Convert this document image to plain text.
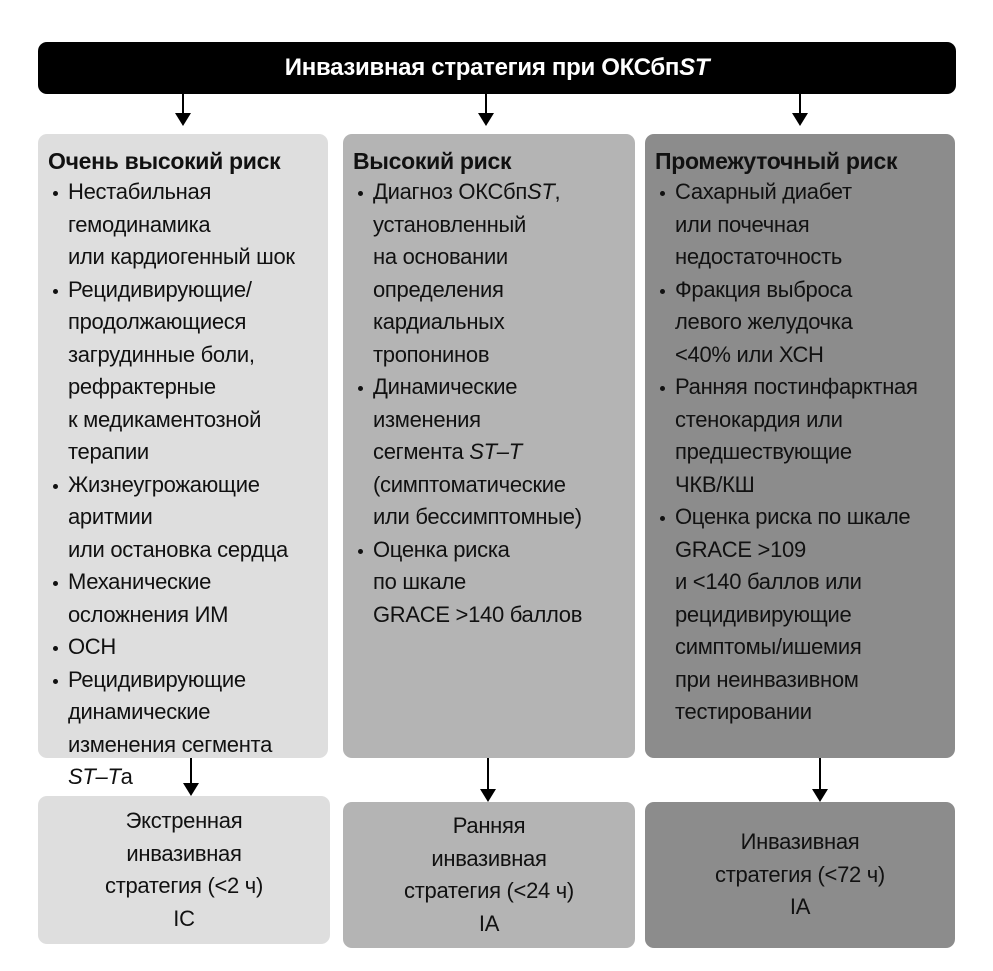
Инвазивная стратегия при ОКСбп ST
Очень высокий риск
Нестабильная
гемодинамика
или кардиогенный шок
Рецидивирующие/
продолжающиеся
загрудинные боли,
рефрактерные
к медикаментозной
терапии
Жизнеугрожающие
аритмии
или остановка сердца
Механические
осложнения ИМ
ОСН
Рецидивирующие
динамические
изменения сегмента
ST–Ta
Высокий риск
Диагноз ОКСбпST,
установленный
на основании
определения
кардиальных
тропонинов
Динамические
изменения
сегмента ST–T
(симптоматические
или бессимптомные)
Оценка риска
по шкале
GRACE >140 баллов
Промежуточный риск
Сахарный диабет
или почечная
недостаточность
Фракция выброса
левого желудочка
<40% или ХСН
Ранняя постинфарктная
стенокардия или
предшествующие
ЧКВ/КШ
Оценка риска по шкале
GRACE >109
и <140 баллов или
рецидивирующие
симптомы/ишемия
при неинвазивном
тестировании
Экстренная
инвазивная
стратегия (<2 ч)
IC
Ранняя
инвазивная
стратегия (<24 ч)
IA
Инвазивная
стратегия (<72 ч)
IA
